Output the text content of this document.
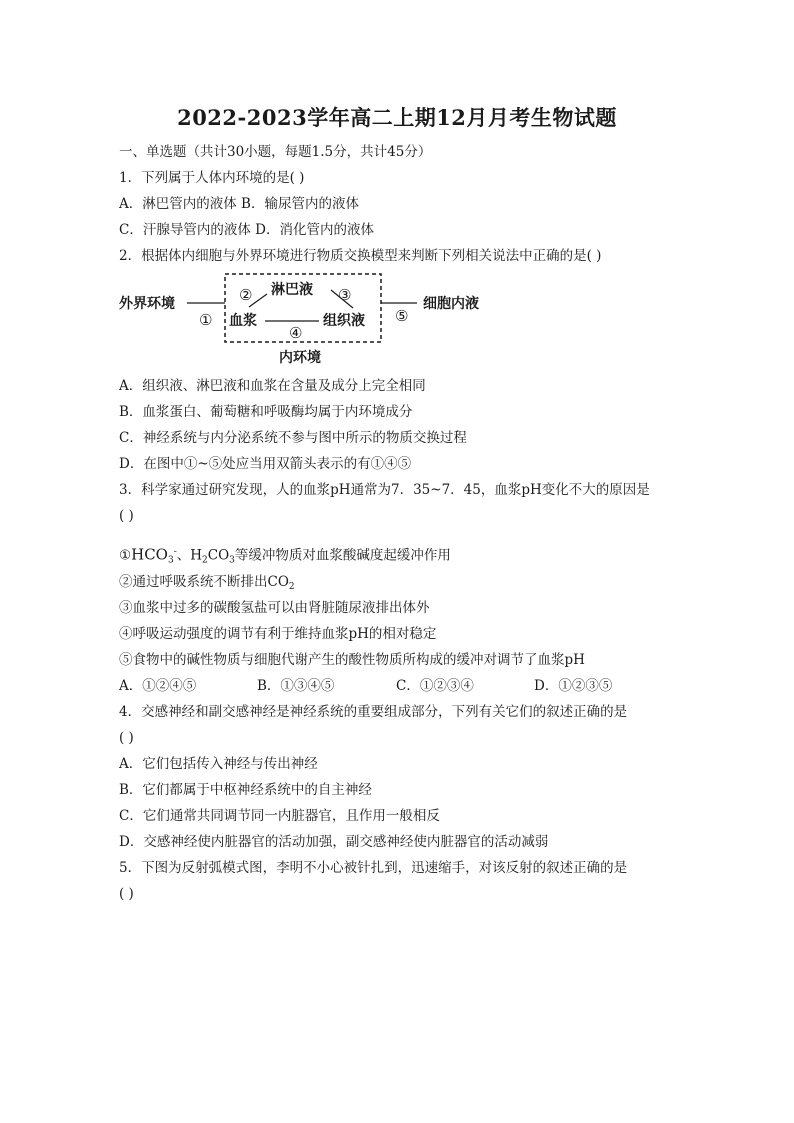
2022-2023学年高二上期12月月考生物试题
一、单选题（共计30小题，每题1.5分，共计45分）
1．下列属于人体内环境的是( )
A．淋巴管内的液体 B．输尿管内的液体
C．汗腺导管内的液体 D．消化管内的液体
2．根据体内细胞与外界环境进行物质交换模型来判断下列相关说法中正确的是( )
外界环境
①
② 淋巴液 ③
血浆
④
组织液 ⑤
细胞内液
内环境
A．组织液、淋巴液和血浆在含量及成分上完全相同
B．血浆蛋白、葡萄糖和呼吸酶均属于内环境成分
C．神经系统与内分泌系统不参与图中所示的物质交换过程
D．在图中①~⑤处应当用双箭头表示的有①④⑤
3．科学家通过研究发现，人的血浆pH通常为7．35~7．45，血浆pH变化不大的原因是
( )
$①HCO_3^-$、$H_2CO_3$等缓冲物质对血浆酸碱度起缓冲作用
②通过呼吸系统不断排出$CO_2$
③血浆中过多的碳酸氢盐可以由肾脏随尿液排出体外
④呼吸运动强度的调节有利于维持血浆pH的相对稳定
⑤食物中的碱性物质与细胞代谢产生的酸性物质所构成的缓冲对调节了血浆pH
A．①②④⑤	B．①③④⑤	C．①②③④	D．①②③⑤
4．交感神经和副交感神经是神经系统的重要组成部分，下列有关它们的叙述正确的是
( )
A．它们包括传入神经与传出神经
B．它们都属于中枢神经系统中的自主神经
C．它们通常共同调节同一内脏器官，且作用一般相反
D．交感神经使内脏器官的活动加强，副交感神经使内脏器官的活动减弱
5．下图为反射弧模式图，李明不小心被针扎到，迅速缩手，对该反射的叙述正确的是
( )
